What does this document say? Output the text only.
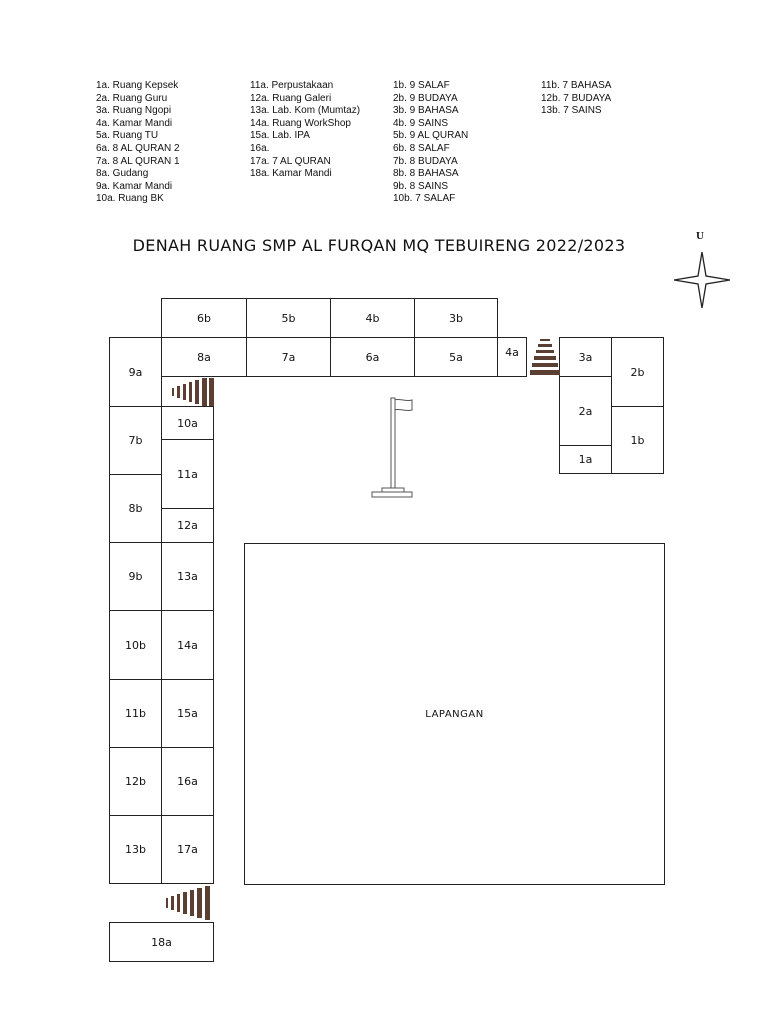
1a. Ruang Kepsek
2a. Ruang Guru
3a. Ruang Ngopi
4a. Kamar Mandi
5a. Ruang TU
6a. 8 AL QURAN 2
7a. 8 AL QURAN 1
8a. Gudang
9a. Kamar Mandi
10a. Ruang BK
11a. Perpustakaan
12a. Ruang Galeri
13a. Lab. Kom (Mumtaz)
14a. Ruang WorkShop
15a. Lab. IPA
16a.
17a. 7 AL QURAN
18a. Kamar Mandi
1b. 9 SALAF
2b. 9 BUDAYA
3b. 9 BAHASA
4b. 9 SAINS
5b. 9 AL QURAN
6b. 8 SALAF
7b. 8 BUDAYA
8b. 8 BAHASA
9b. 8 SAINS
10b. 7 SALAF
11b. 7 BAHASA
12b. 7 BUDAYA
13b. 7 SAINS
DENAH RUANG SMP AL FURQAN MQ TEBUIRENG 2022/2023	U
6b	5b	4b	3b
9a
8a	7a	6a	5a	4a	3a
2b
2a
1b
1a
7b
8b
9b
10b
11b
12b
13b
10a
11a
12a
13a
14a
15a
16a
17a
18a
LAPANGAN
